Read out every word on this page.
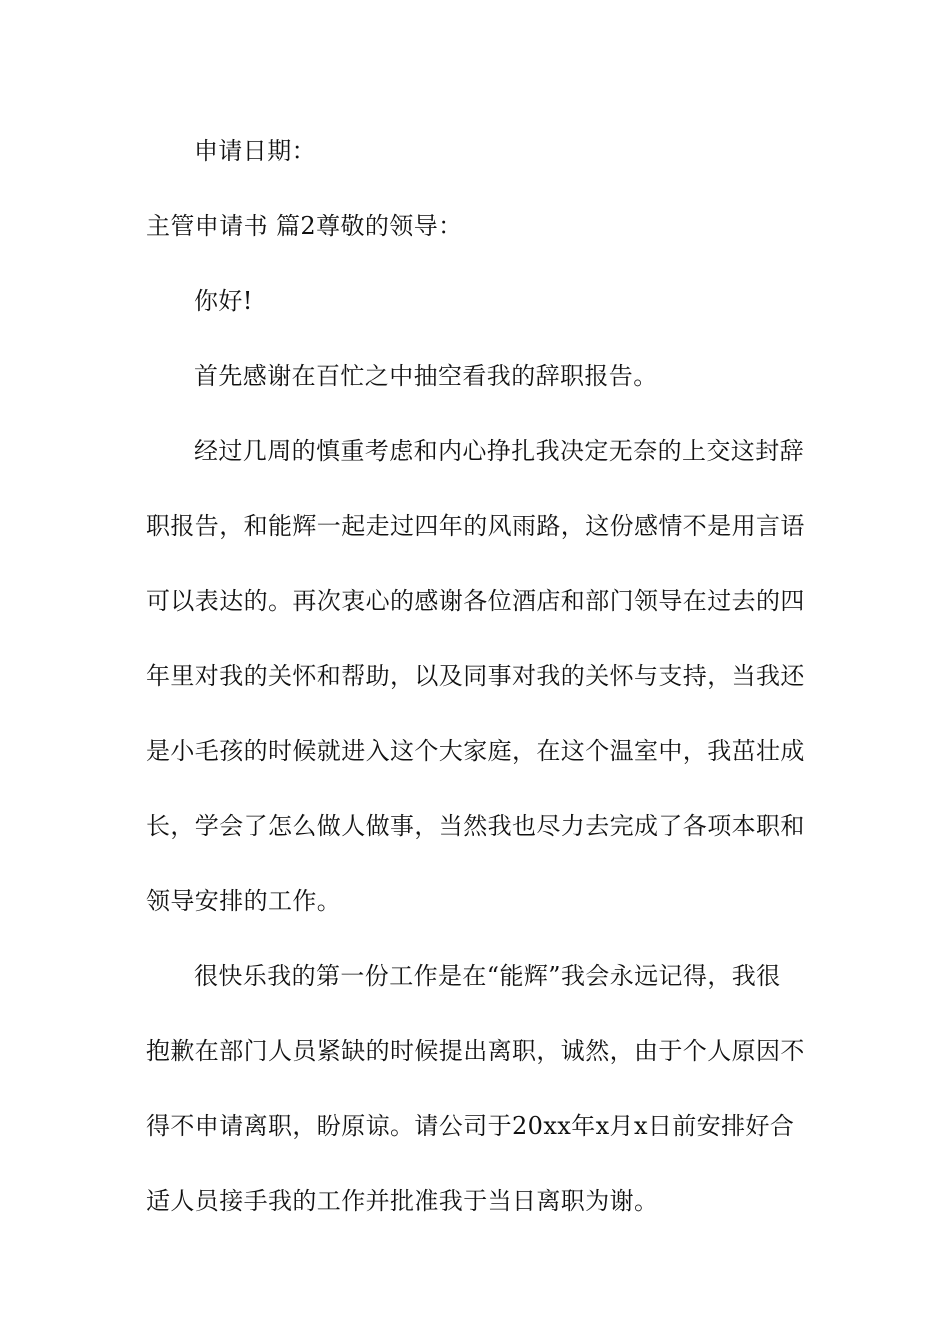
申请日期：
主管申请书 篇2尊敬的领导：
你好!
首先感谢在百忙之中抽空看我的辞职报告。
经过几周的慎重考虑和内心挣扎我决定无奈的上交这封辞
职报告，和能辉一起走过四年的风雨路，这份感情不是用言语
可以表达的。再次衷心的感谢各位酒店和部门领导在过去的四
年里对我的关怀和帮助，以及同事对我的关怀与支持，当我还
是小毛孩的时候就进入这个大家庭，在这个温室中，我茁壮成
长，学会了怎么做人做事，当然我也尽力去完成了各项本职和
领导安排的工作。
很快乐我的第一份工作是在“能辉”我会永远记得，我很
抱歉在部门人员紧缺的时候提出离职，诚然，由于个人原因不
得不申请离职，盼原谅。请公司于20xx年x月x日前安排好合
适人员接手我的工作并批准我于当日离职为谢。
